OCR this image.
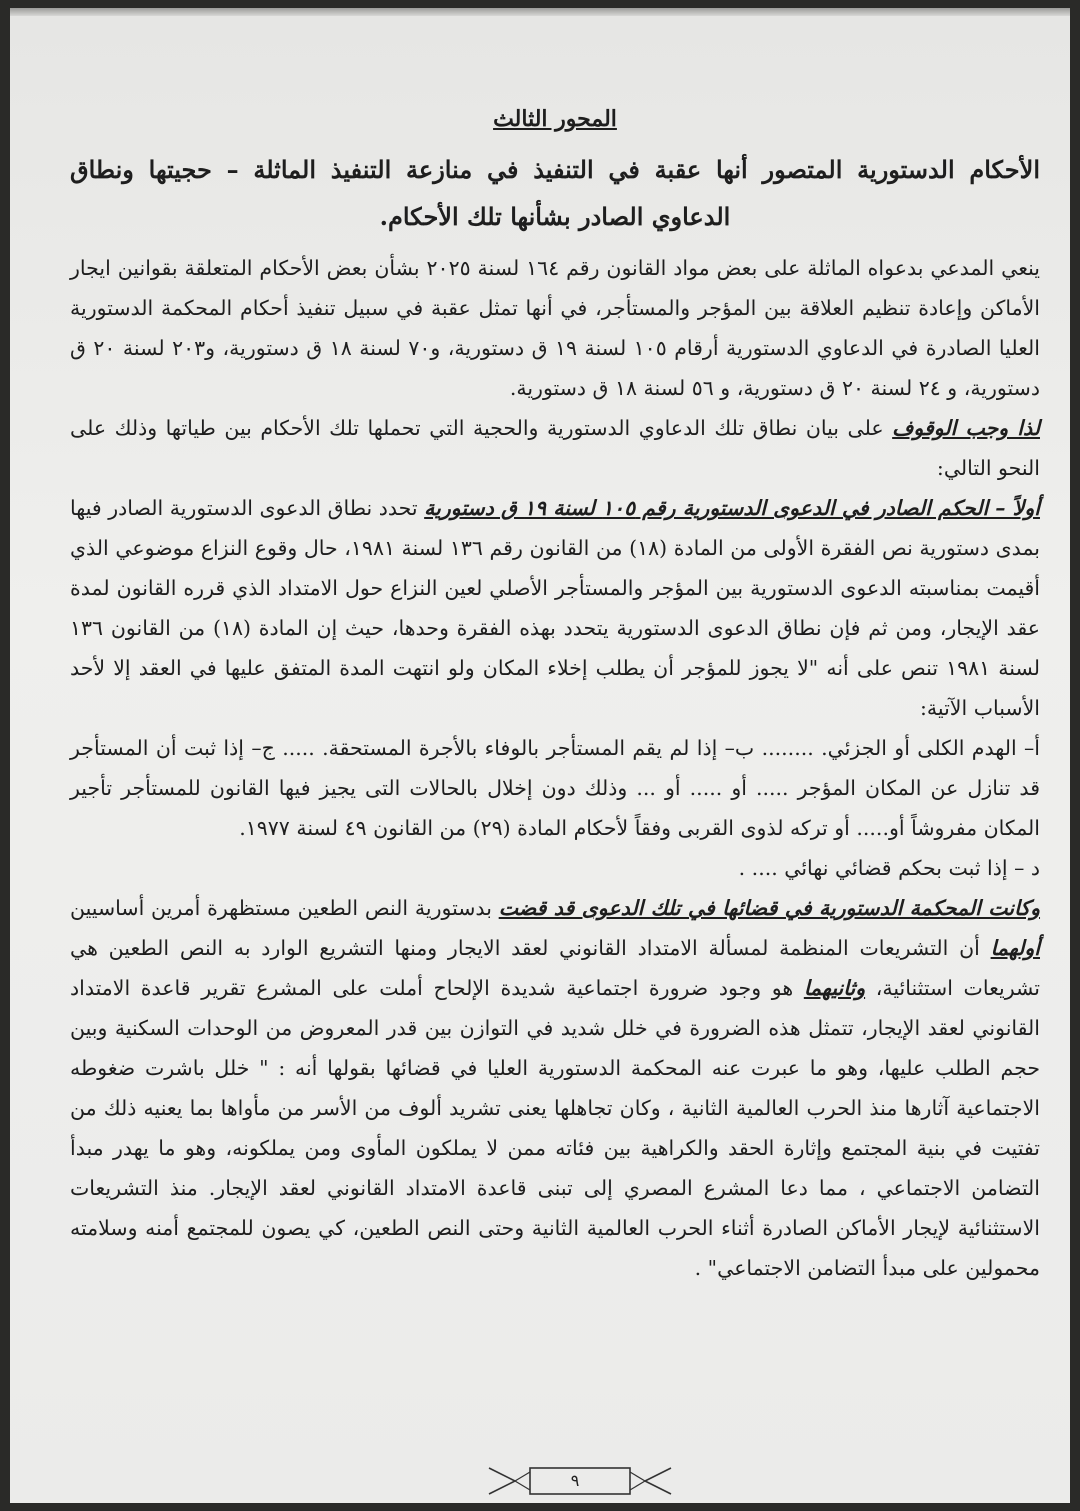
المحور الثالث

الأحكام الدستورية المتصور أنها عقبة في التنفيذ في منازعة التنفيذ الماثلة – حجيتها ونطاق الدعاوي الصادر بشأنها تلك الأحكام.

ينعي المدعي بدعواه الماثلة على بعض مواد القانون رقم ١٦٤ لسنة ٢٠٢٥ بشأن بعض الأحكام المتعلقة بقوانين ايجار الأماكن وإعادة تنظيم العلاقة بين المؤجر والمستأجر، في أنها تمثل عقبة في سبيل تنفيذ أحكام المحكمة الدستورية العليا الصادرة في الدعاوي الدستورية أرقام ١٠٥ لسنة ١٩ ق دستورية، و٧٠ لسنة ١٨ ق دستورية، و٢٠٣ لسنة ٢٠ ق دستورية، و ٢٤ لسنة ٢٠ ق دستورية، و ٥٦ لسنة ١٨ ق دستورية.

لذا وجب الوقوف على بيان نطاق تلك الدعاوي الدستورية والحجية التي تحملها تلك الأحكام بين طياتها وذلك على النحو التالي:

أولاً – الحكم الصادر في الدعوى الدستورية رقم ١٠٥ لسنة ١٩ ق دستورية تحدد نطاق الدعوى الدستورية الصادر فيها بمدى دستورية نص الفقرة الأولى من المادة (١٨) من القانون رقم ١٣٦ لسنة ١٩٨١، حال وقوع النزاع موضوعي الذي أقيمت بمناسبته الدعوى الدستورية بين المؤجر والمستأجر الأصلي لعين النزاع حول الامتداد الذي قرره القانون لمدة عقد الإيجار، ومن ثم فإن نطاق الدعوى الدستورية يتحدد بهذه الفقرة وحدها، حيث إن المادة (١٨) من القانون ١٣٦ لسنة ١٩٨١ تنص على أنه "لا يجوز للمؤجر أن يطلب إخلاء المكان ولو انتهت المدة المتفق عليها في العقد إلا لأحد الأسباب الآتية:

أ– الهدم الكلى أو الجزئي. ........ ب– إذا لم يقم المستأجر بالوفاء بالأجرة المستحقة. ..... ج– إذا ثبت أن المستأجر قد تنازل عن المكان المؤجر ..... أو ..... أو ... وذلك دون إخلال بالحالات التى يجيز فيها القانون للمستأجر تأجير المكان مفروشاً أو..... أو تركه لذوى القربى وفقاً لأحكام المادة (٢٩) من القانون ٤٩ لسنة ١٩٧٧.

د – إذا ثبت بحكم قضائي نهائي .... .

وكانت المحكمة الدستورية في قضائها في تلك الدعوى قد قضت بدستورية النص الطعين مستظهرة أمرين أساسيين أولهما أن التشريعات المنظمة لمسألة الامتداد القانوني لعقد الايجار ومنها التشريع الوارد به النص الطعين هي تشريعات استثنائية، وثانيهما هو وجود ضرورة اجتماعية شديدة الإلحاح أملت على المشرع تقرير قاعدة الامتداد القانوني لعقد الإيجار، تتمثل هذه الضرورة في خلل شديد في التوازن بين قدر المعروض من الوحدات السكنية وبين حجم الطلب عليها، وهو ما عبرت عنه المحكمة الدستورية العليا في قضائها بقولها أنه : " خلل باشرت ضغوطه الاجتماعية آثارها منذ الحرب العالمية الثانية ، وكان تجاهلها يعنى تشريد ألوف من الأسر من مأواها بما يعنيه ذلك من تفتيت في بنية المجتمع وإثارة الحقد والكراهية بين فئاته ممن لا يملكون المأوى ومن يملكونه، وهو ما يهدر مبدأ التضامن الاجتماعي ، مما دعا المشرع المصري إلى تبنى قاعدة الامتداد القانوني لعقد الإيجار. منذ التشريعات الاستثنائية لإيجار الأماكن الصادرة أثناء الحرب العالمية الثانية وحتى النص الطعين، كي يصون للمجتمع أمنه وسلامته محمولين على مبدأ التضامن الاجتماعي" .

٩
